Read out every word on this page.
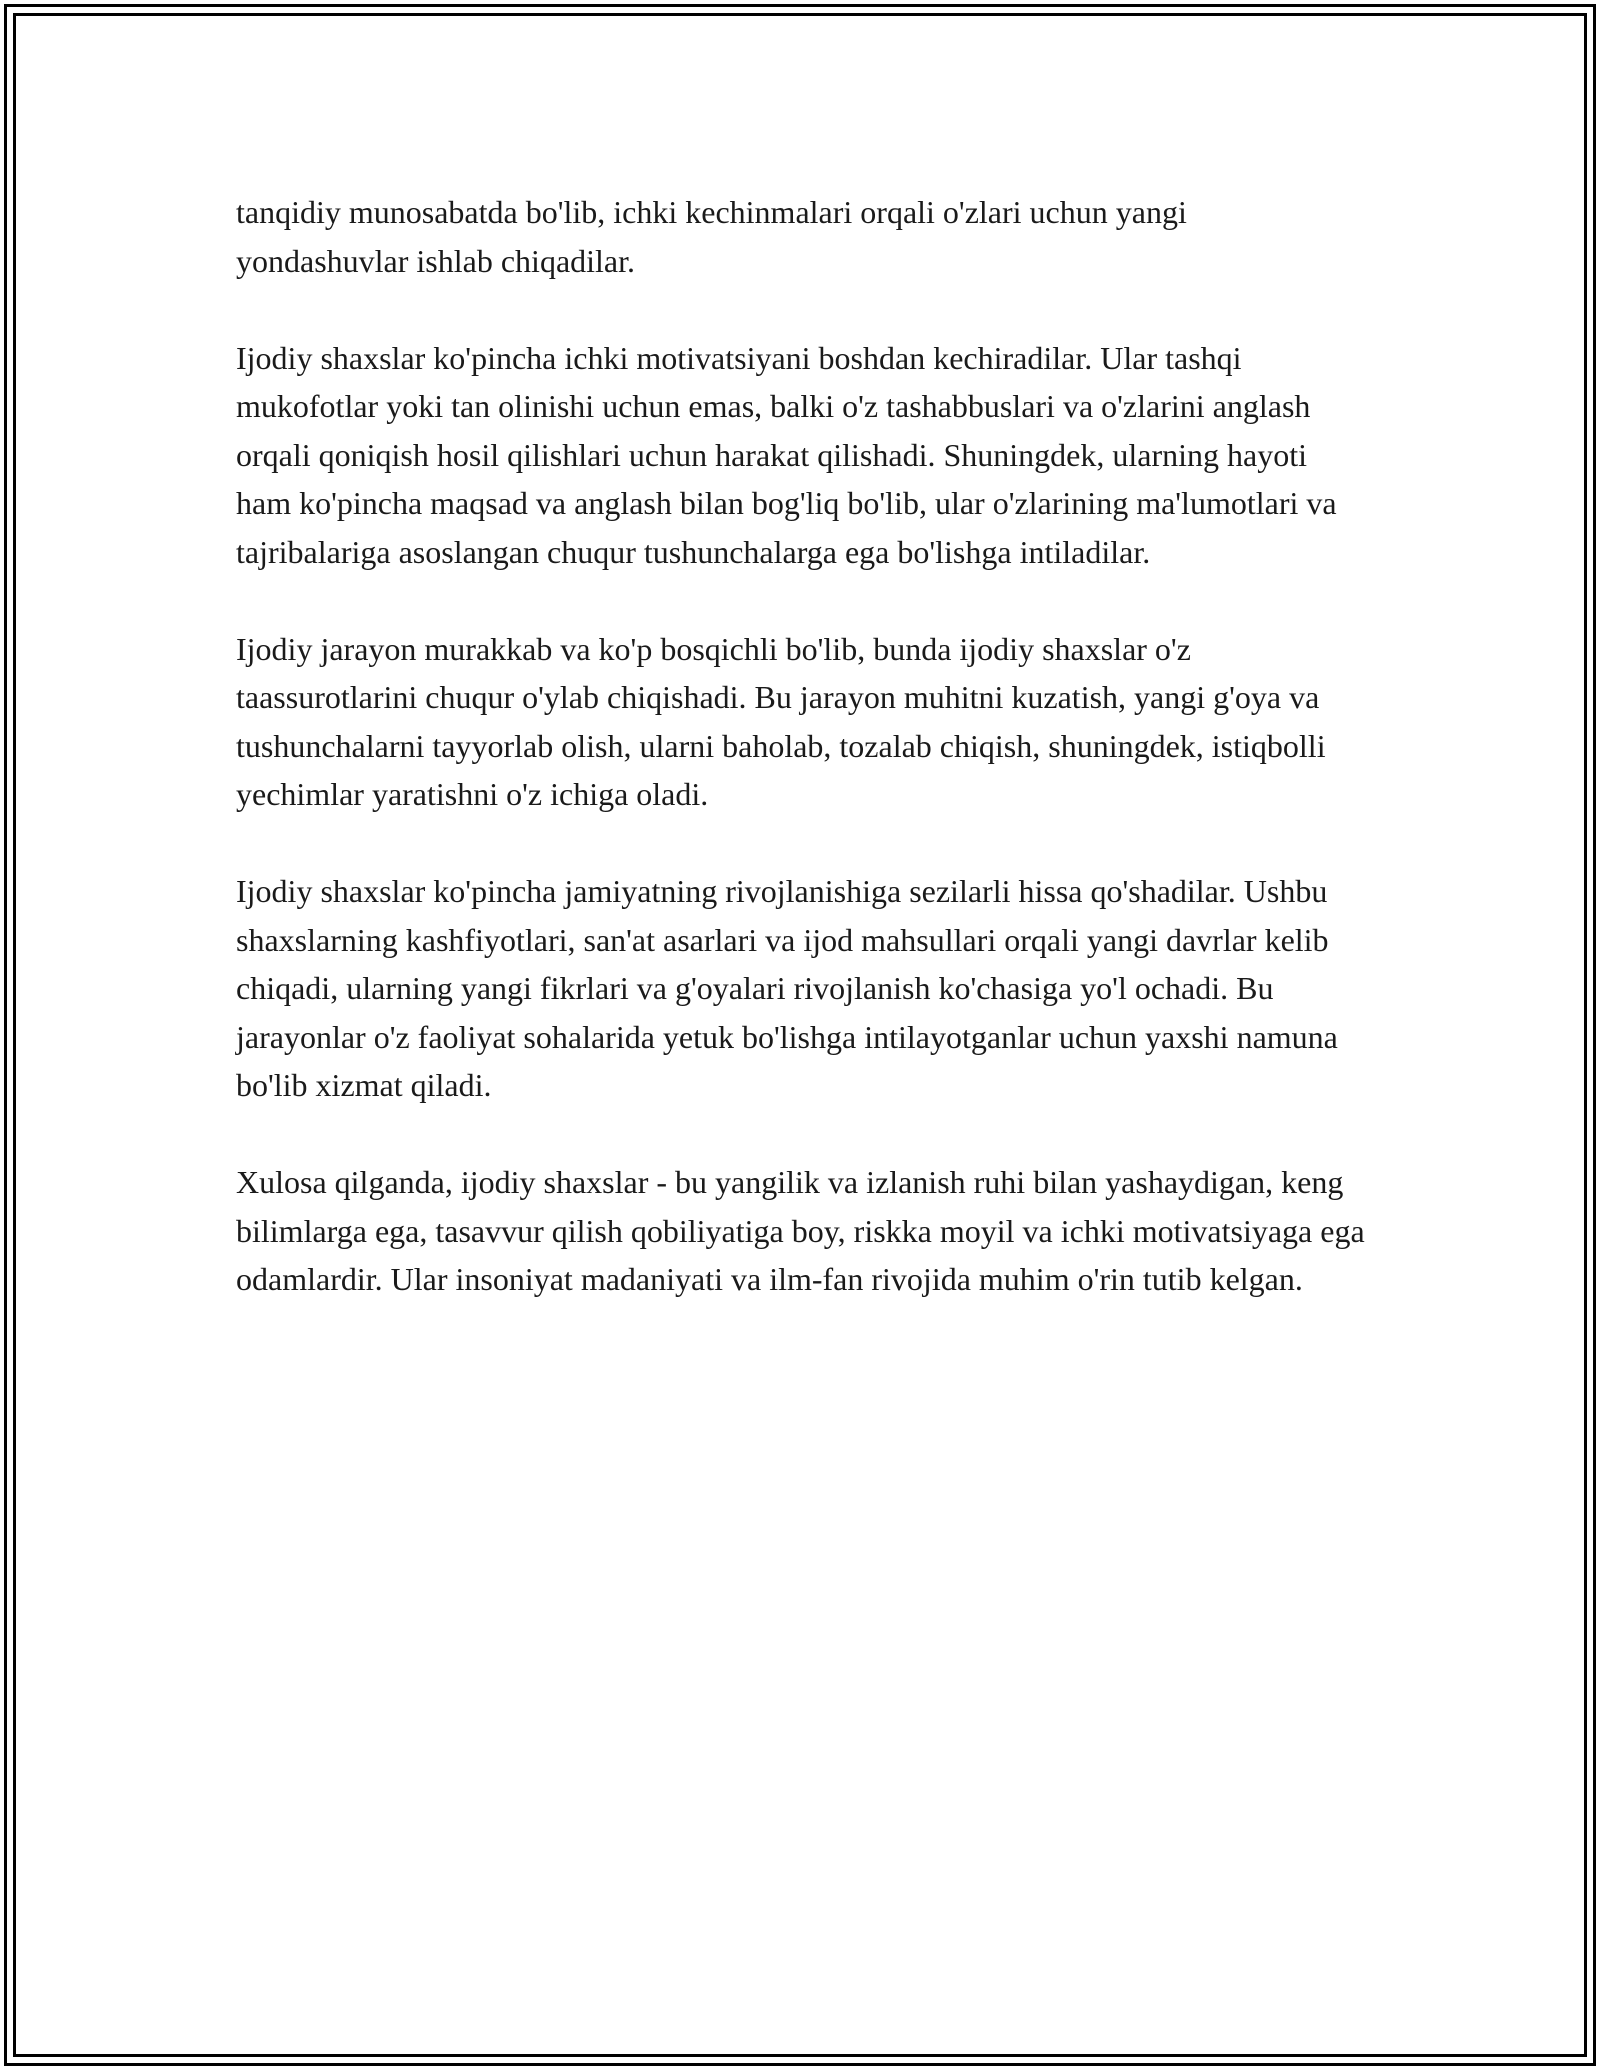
tanqidiy munosabatda bo'lib, ichki kechinmalari orqali o'zlari uchun yangi yondashuvlar ishlab chiqadilar.

Ijodiy shaxslar ko'pincha ichki motivatsiyani boshdan kechiradilar. Ular tashqi mukofotlar yoki tan olinishi uchun emas, balki o'z tashabbuslari va o'zlarini anglash orqali qoniqish hosil qilishlari uchun harakat qilishadi. Shuningdek, ularning hayoti ham ko'pincha maqsad va anglash bilan bog'liq bo'lib, ular o'zlarining ma'lumotlari va tajribalariga asoslangan chuqur tushunchalarga ega bo'lishga intiladilar.

Ijodiy jarayon murakkab va ko'p bosqichli bo'lib, bunda ijodiy shaxslar o'z taassurotlarini chuqur o'ylab chiqishadi. Bu jarayon muhitni kuzatish, yangi g'oya va tushunchalarni tayyorlab olish, ularni baholab, tozalab chiqish, shuningdek, istiqbolli yechimlar yaratishni o'z ichiga oladi.

Ijodiy shaxslar ko'pincha jamiyatning rivojlanishiga sezilarli hissa qo'shadilar. Ushbu shaxslarning kashfiyotlari, san'at asarlari va ijod mahsullari orqali yangi davrlar kelib chiqadi, ularning yangi fikrlari va g'oyalari rivojlanish ko'chasiga yo'l ochadi. Bu jarayonlar o'z faoliyat sohalarida yetuk bo'lishga intilayotganlar uchun yaxshi namuna bo'lib xizmat qiladi.

Xulosa qilganda, ijodiy shaxslar - bu yangilik va izlanish ruhi bilan yashaydigan, keng bilimlarga ega, tasavvur qilish qobiliyatiga boy, riskka moyil va ichki motivatsiyaga ega odamlardir. Ular insoniyat madaniyati va ilm-fan rivojida muhim o'rin tutib kelgan.
